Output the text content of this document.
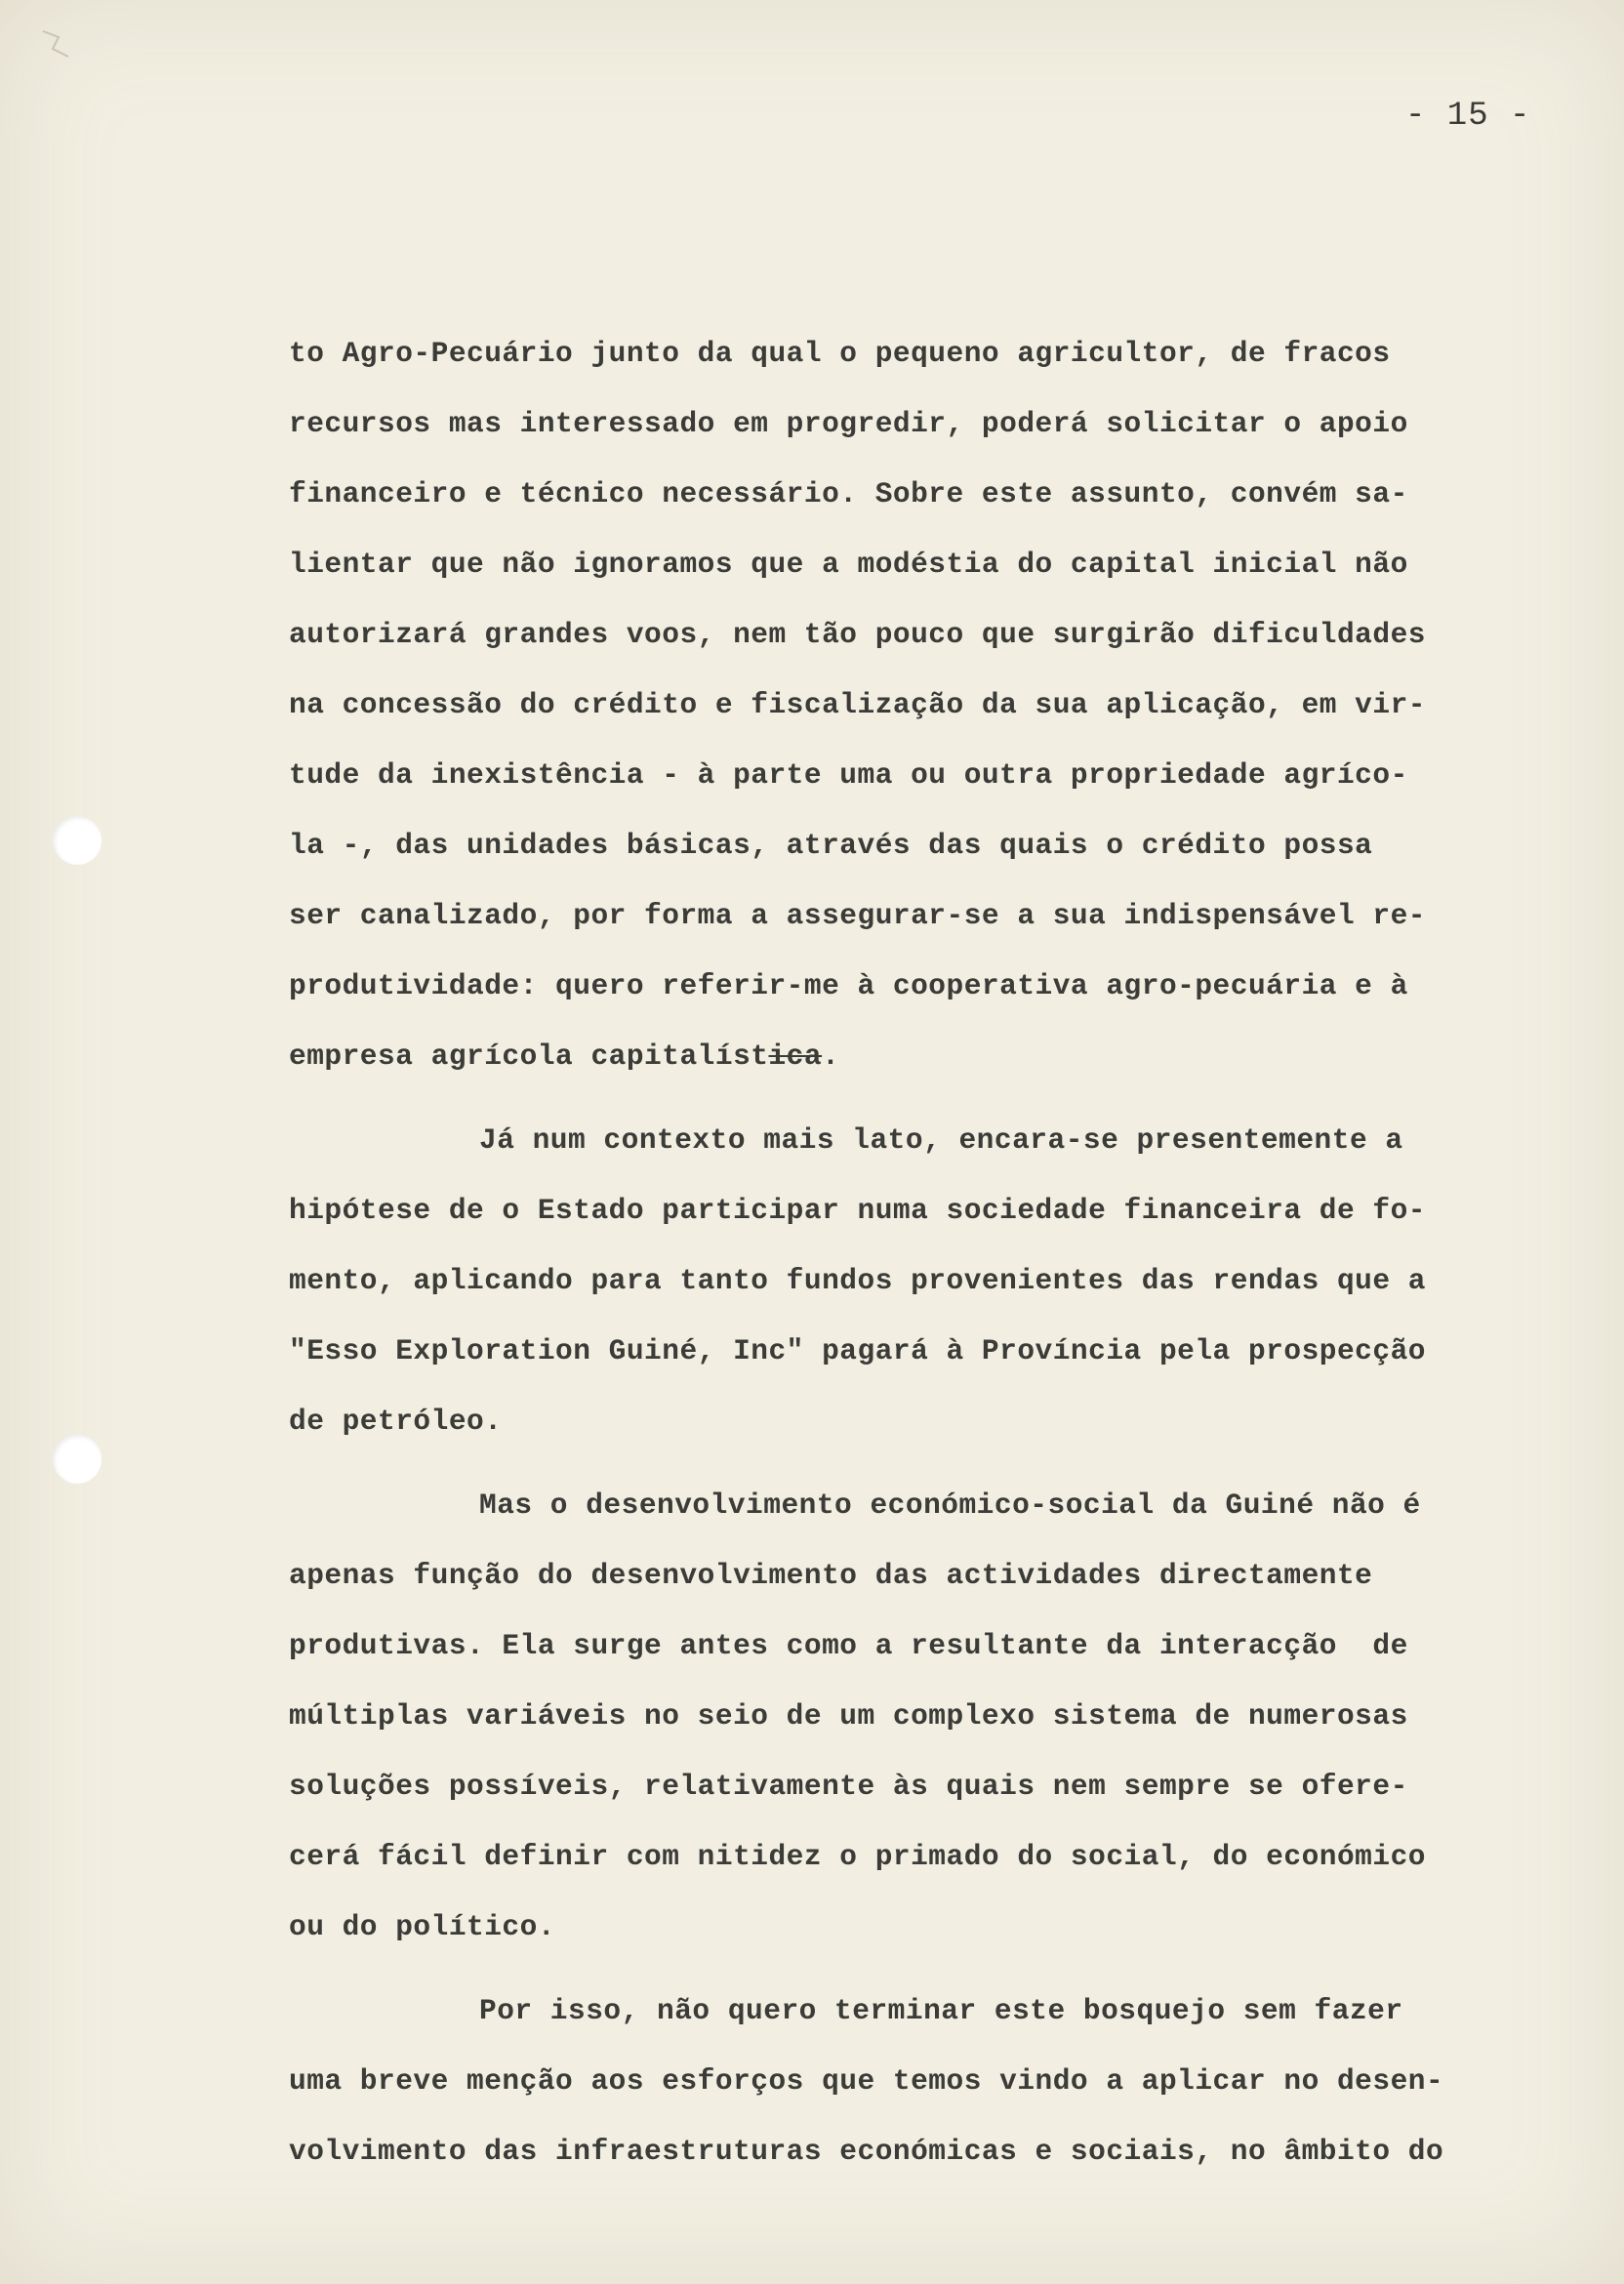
- 15 -
to Agro-Pecuário junto da qual o pequeno agricultor, de fracos
recursos mas interessado em progredir, poderá solicitar o apoio
financeiro e técnico necessário. Sobre este assunto, convém sa-
lientar que não ignoramos que a modéstia do capital inicial não
autorizará grandes voos, nem tão pouco que surgirão dificuldades
na concessão do crédito e fiscalização da sua aplicação, em vir-
tude da inexistência - à parte uma ou outra propriedade agríco-
la -, das unidades básicas, através das quais o crédito possa
ser canalizado, por forma a assegurar-se a sua indispensável re-
produtividade: quero referir-me à cooperativa agro-pecuária e à
empresa agrícola capitalística.
Já num contexto mais lato, encara-se presentemente a
hipótese de o Estado participar numa sociedade financeira de fo-
mento, aplicando para tanto fundos provenientes das rendas que a
"Esso Exploration Guiné, Inc" pagará à Província pela prospecção
de petróleo.
Mas o desenvolvimento económico-social da Guiné não é
apenas função do desenvolvimento das actividades directamente
produtivas. Ela surge antes como a resultante da interacção  de
múltiplas variáveis no seio de um complexo sistema de numerosas
soluções possíveis, relativamente às quais nem sempre se ofere-
cerá fácil definir com nitidez o primado do social, do económico
ou do político.
Por isso, não quero terminar este bosquejo sem fazer
uma breve menção aos esforços que temos vindo a aplicar no desen-
volvimento das infraestruturas económicas e sociais, no âmbito do
